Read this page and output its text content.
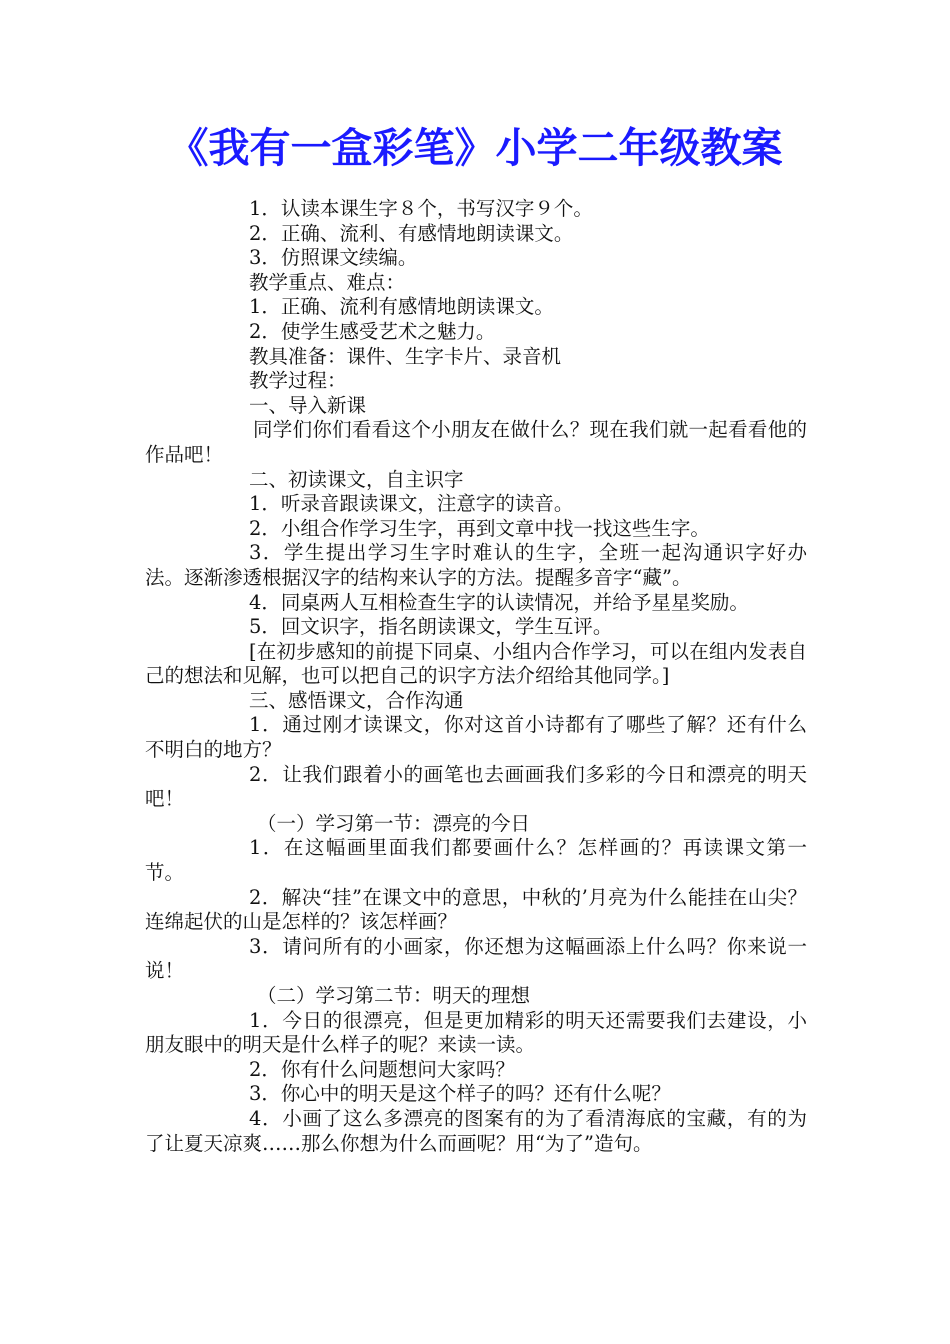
《我有一盒彩笔》小学二年级教案

1．认读本课生字８个，书写汉字９个。

2．正确、流利、有感情地朗读课文。

3．仿照课文续编。

教学重点、难点：

1．正确、流利有感情地朗读课文。

2．使学生感受艺术之魅力。

教具准备：课件、生字卡片、录音机

教学过程：

一、导入新课

同学们你们看看这个小朋友在做什么？现在我们就一起看看他的作品吧！

二、初读课文，自主识字

1．听录音跟读课文，注意字的读音。

2．小组合作学习生字，再到文章中找一找这些生字。

3．学生提出学习生字时难认的生字，全班一起沟通识字好办法。逐渐渗透根据汉字的结构来认字的方法。提醒多音字“藏”。

4．同桌两人互相检查生字的认读情况，并给予星星奖励。

5．回文识字，指名朗读课文，学生互评。

[在初步感知的前提下同桌、小组内合作学习，可以在组内发表自己的想法和见解，也可以把自己的识字方法介绍给其他同学。]

三、感悟课文，合作沟通

1．通过刚才读课文，你对这首小诗都有了哪些了解？还有什么不明白的地方？

2．让我们跟着小的画笔也去画画我们多彩的今日和漂亮的明天吧！

（一）学习第一节：漂亮的今日

1．在这幅画里面我们都要画什么？怎样画的？再读课文第一节。

2．解决“挂”在课文中的意思，中秋的’月亮为什么能挂在山尖？连绵起伏的山是怎样的？该怎样画？

3．请问所有的小画家，你还想为这幅画添上什么吗？你来说一说！

（二）学习第二节：明天的理想

1．今日的很漂亮，但是更加精彩的明天还需要我们去建设，小朋友眼中的明天是什么样子的呢？来读一读。

2．你有什么问题想问大家吗？

3．你心中的明天是这个样子的吗？还有什么呢？

4．小画了这么多漂亮的图案有的为了看清海底的宝藏，有的为了让夏天凉爽……那么你想为什么而画呢？用“为了”造句。
